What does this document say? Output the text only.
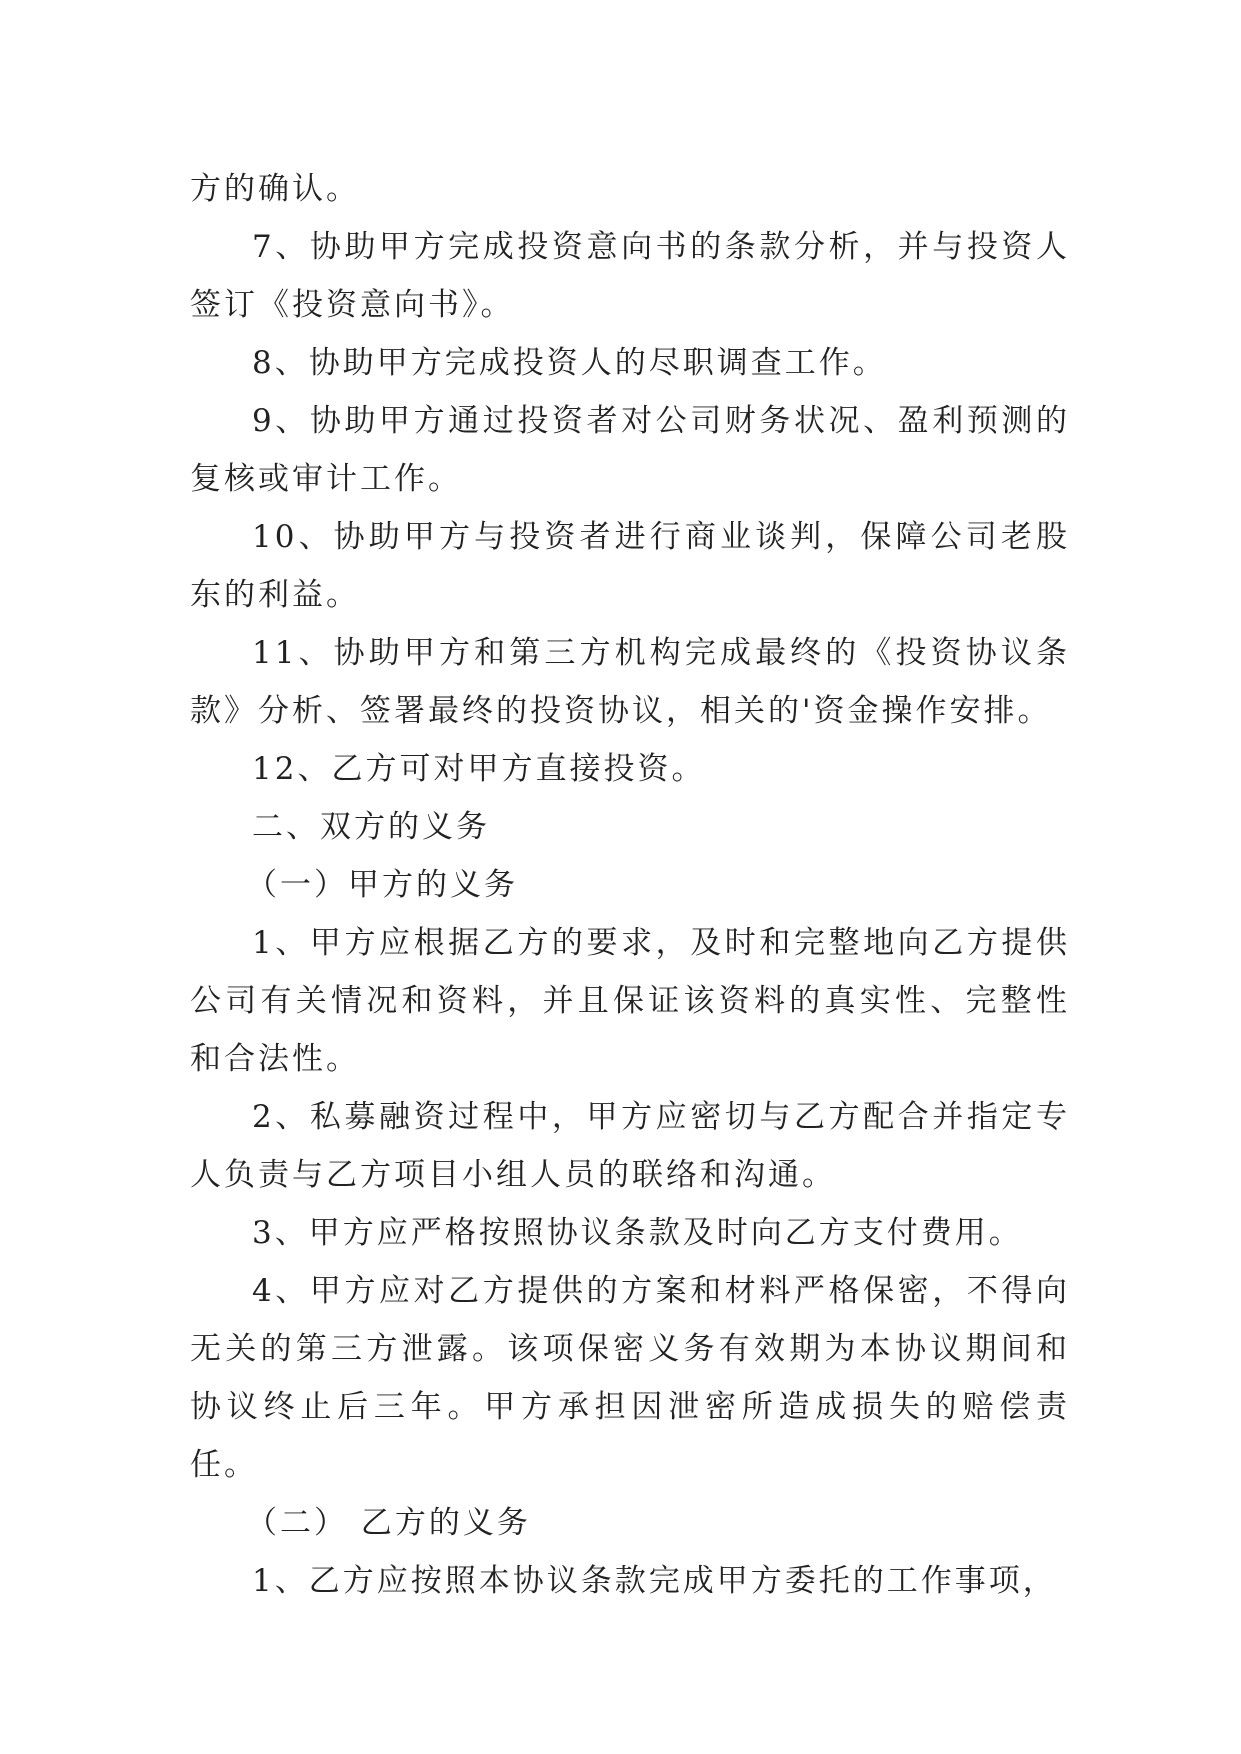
方的确认。

7、协助甲方完成投资意向书的条款分析，并与投资人签订《投资意向书》。

8、协助甲方完成投资人的尽职调查工作。

9、协助甲方通过投资者对公司财务状况、盈利预测的复核或审计工作。

10、协助甲方与投资者进行商业谈判，保障公司老股东的利益。

11、协助甲方和第三方机构完成最终的《投资协议条款》分析、签署最终的投资协议，相关的'资金操作安排。

12、乙方可对甲方直接投资。

二、双方的义务

（一）甲方的义务

1、甲方应根据乙方的要求，及时和完整地向乙方提供公司有关情况和资料，并且保证该资料的真实性、完整性和合法性。

2、私募融资过程中，甲方应密切与乙方配合并指定专人负责与乙方项目小组人员的联络和沟通。

3、甲方应严格按照协议条款及时向乙方支付费用。

4、甲方应对乙方提供的方案和材料严格保密，不得向无关的第三方泄露。该项保密义务有效期为本协议期间和协议终止后三年。甲方承担因泄密所造成损失的赔偿责任。

（二） 乙方的义务

1、乙方应按照本协议条款完成甲方委托的工作事项，
